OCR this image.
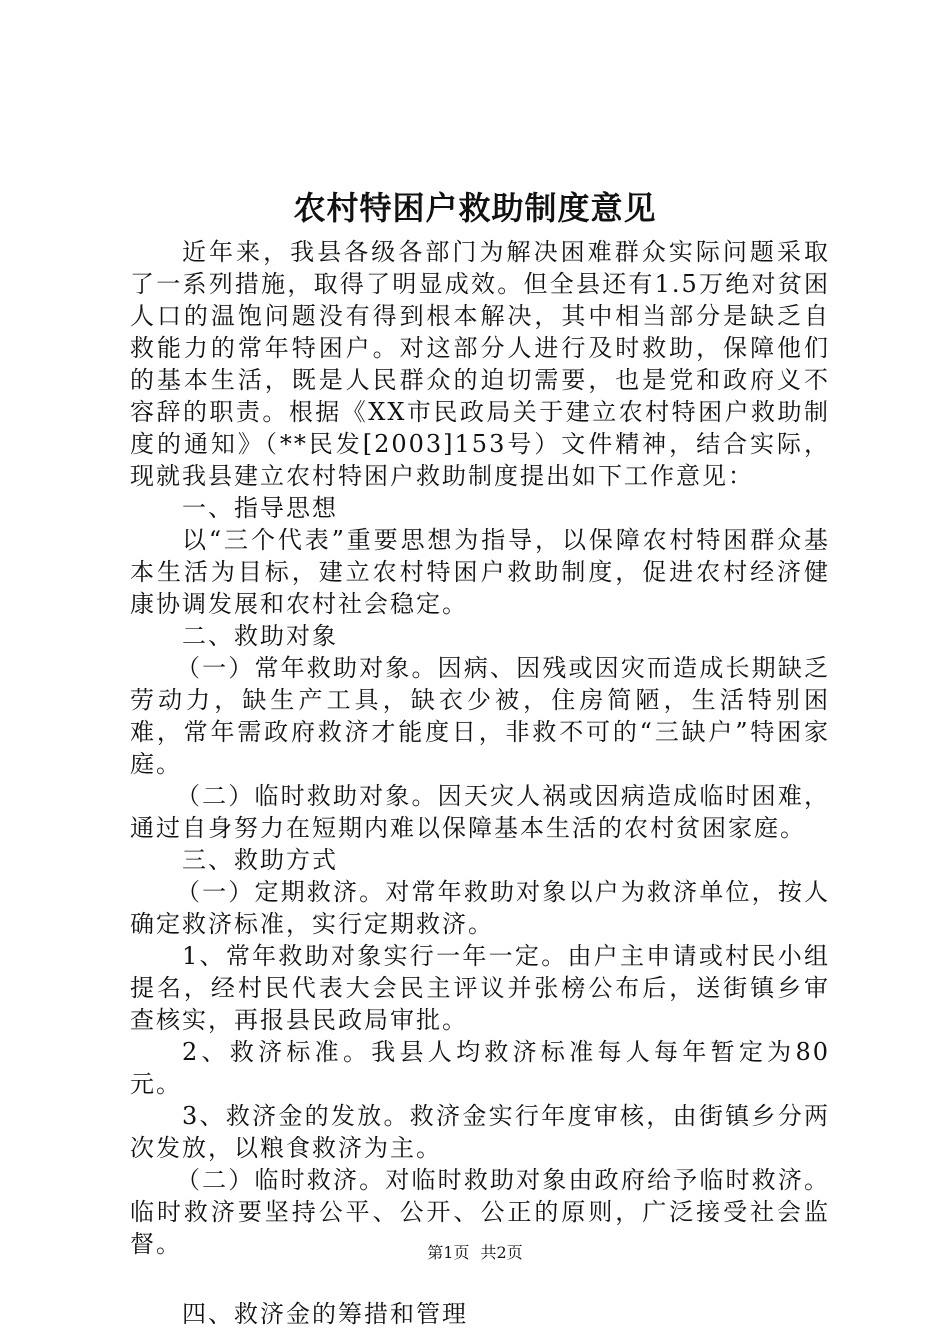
农村特困户救助制度意见

近年来，我县各级各部门为解决困难群众实际问题采取了一系列措施，取得了明显成效。但全县还有1.5万绝对贫困人口的温饱问题没有得到根本解决，其中相当部分是缺乏自救能力的常年特困户。对这部分人进行及时救助，保障他们的基本生活，既是人民群众的迫切需要，也是党和政府义不容辞的职责。根据《XX市民政局关于建立农村特困户救助制度的通知》（**民发[2003]153号）文件精神，结合实际，现就我县建立农村特困户救助制度提出如下工作意见：

一、指导思想

以“三个代表”重要思想为指导，以保障农村特困群众基本生活为目标，建立农村特困户救助制度，促进农村经济健康协调发展和农村社会稳定。

二、救助对象

（一）常年救助对象。因病、因残或因灾而造成长期缺乏劳动力，缺生产工具，缺衣少被，住房简陋，生活特别困难，常年需政府救济才能度日，非救不可的“三缺户”特困家庭。

（二）临时救助对象。因天灾人祸或因病造成临时困难，通过自身努力在短期内难以保障基本生活的农村贫困家庭。

三、救助方式

（一）定期救济。对常年救助对象以户为救济单位，按人确定救济标准，实行定期救济。

1、常年救助对象实行一年一定。由户主申请或村民小组提名，经村民代表大会民主评议并张榜公布后，送街镇乡审查核实，再报县民政局审批。

2、救济标准。我县人均救济标准每人每年暂定为80元。

3、救济金的发放。救济金实行年度审核，由街镇乡分两次发放，以粮食救济为主。

（二）临时救济。对临时救助对象由政府给予临时救济。临时救济要坚持公平、公开、公正的原则，广泛接受社会监督。

四、救济金的筹措和管理

第1页 共2页
